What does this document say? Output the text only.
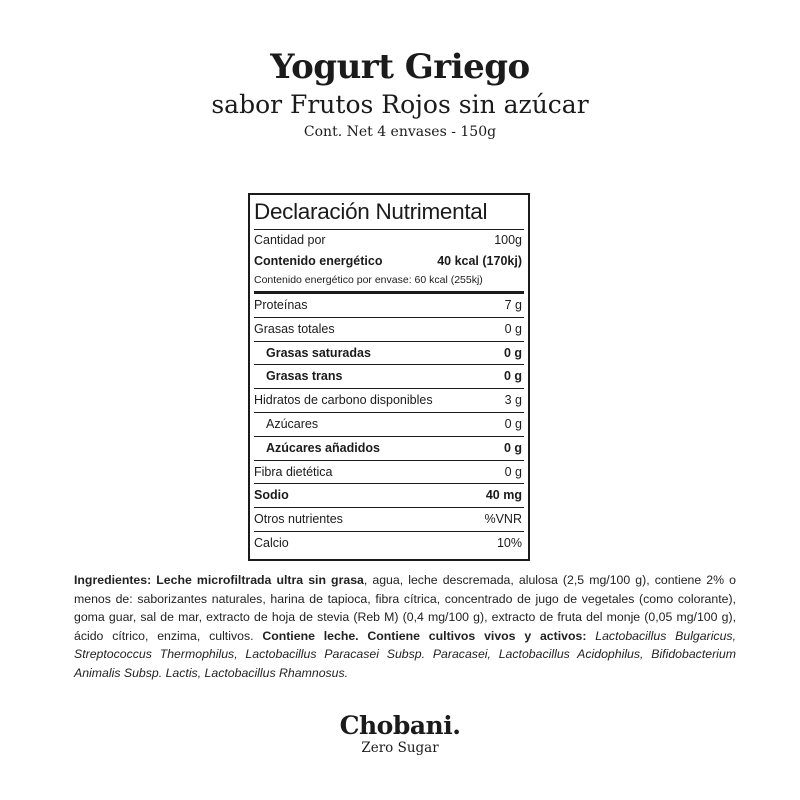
Yogurt Griego
sabor Frutos Rojos sin azúcar
Cont. Net 4 envases - 150g
Declaración Nutrimental
Cantidad por	100g
Contenido energético	40 kcal (170kj)
Contenido energético por envase: 60 kcal (255kj)
Proteínas	7 g
Grasas totales	0 g
Grasas saturadas	0 g
Grasas trans	0 g
Hidratos de carbono disponibles	3 g
Azúcares	0 g
Azúcares añadidos	0 g
Fibra dietética	0 g
Sodio	40 mg
Otros nutrientes	%VNR
Calcio	10%
Ingredientes: Leche microfiltrada ultra sin grasa, agua, leche descremada, alulosa (2,5 mg/100 g), contiene 2% o menos de: saborizantes naturales, harina de tapioca, fibra cítrica, concentrado de jugo de vegetales (como colorante), goma guar, sal de mar, extracto de hoja de stevia (Reb M) (0,4 mg/100 g), extracto de fruta del monje (0,05 mg/100 g), ácido cítrico, enzima, cultivos. Contiene leche. Contiene cultivos vivos y activos: Lactobacillus Bulgaricus, Streptococcus Thermophilus, Lactobacillus Paracasei Subsp. Paracasei, Lactobacillus Acidophilus, Bifidobacterium Animalis Subsp. Lactis, Lactobacillus Rhamnosus.
Chobani.
Zero Sugar
